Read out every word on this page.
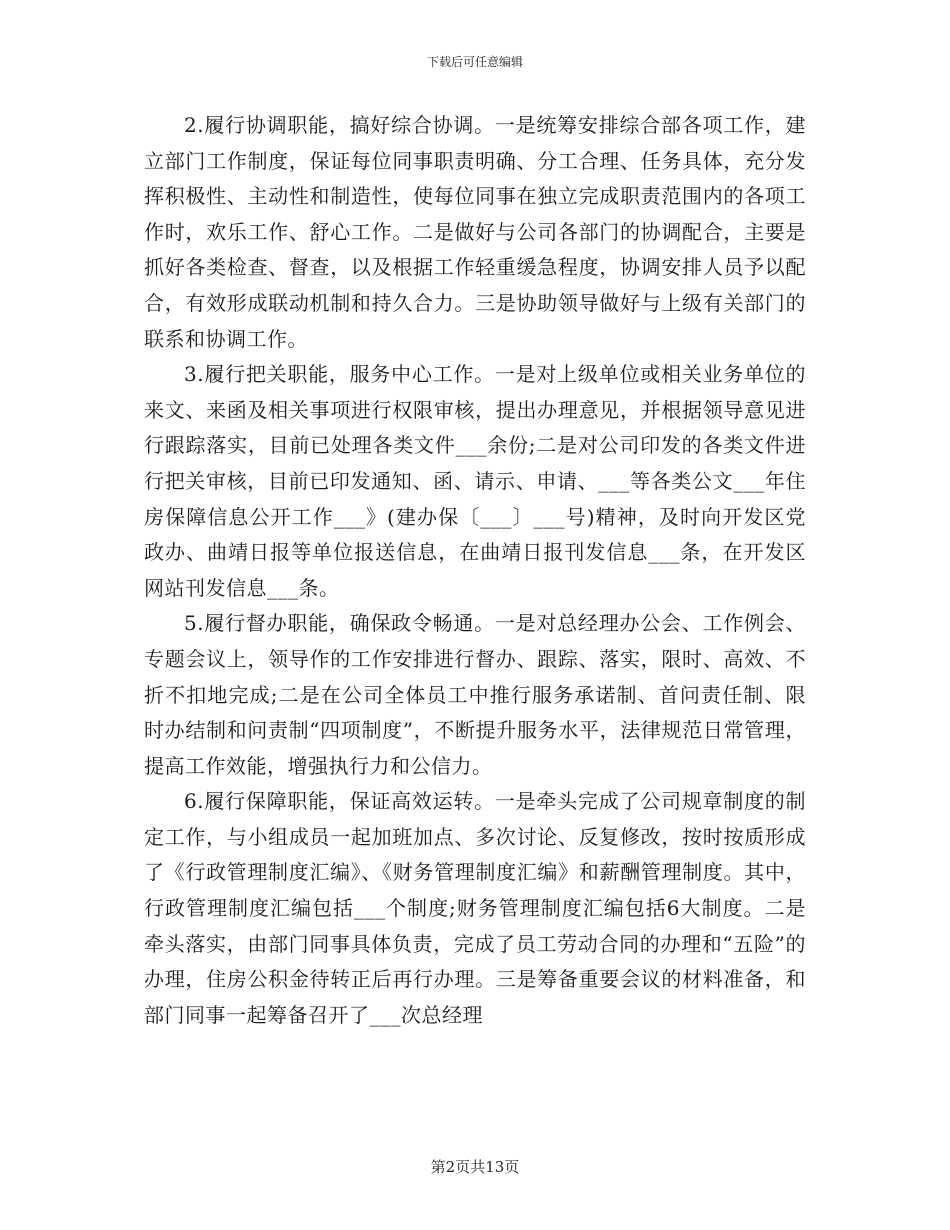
下载后可任意编辑

2.履行协调职能，搞好综合协调。一是统筹安排综合部各项工作，建立部门工作制度，保证每位同事职责明确、分工合理、任务具体，充分发挥积极性、主动性和制造性，使每位同事在独立完成职责范围内的各项工作时，欢乐工作、舒心工作。二是做好与公司各部门的协调配合，主要是抓好各类检查、督查，以及根据工作轻重缓急程度，协调安排人员予以配合，有效形成联动机制和持久合力。三是协助领导做好与上级有关部门的联系和协调工作。

3.履行把关职能，服务中心工作。一是对上级单位或相关业务单位的来文、来函及相关事项进行权限审核，提出办理意见，并根据领导意见进行跟踪落实，目前已处理各类文件___余份;二是对公司印发的各类文件进行把关审核，目前已印发通知、函、请示、申请、___等各类公文___年住房保障信息公开工作___》(建办保〔___〕___号)精神，及时向开发区党政办、曲靖日报等单位报送信息，在曲靖日报刊发信息___条，在开发区网站刊发信息___条。

5.履行督办职能，确保政令畅通。一是对总经理办公会、工作例会、专题会议上，领导作的工作安排进行督办、跟踪、落实，限时、高效、不折不扣地完成;二是在公司全体员工中推行服务承诺制、首问责任制、限时办结制和问责制“四项制度”，不断提升服务水平，法律规范日常管理，提高工作效能，增强执行力和公信力。

6.履行保障职能，保证高效运转。一是牵头完成了公司规章制度的制定工作，与小组成员一起加班加点、多次讨论、反复修改，按时按质形成了《行政管理制度汇编》、《财务管理制度汇编》和薪酬管理制度。其中，行政管理制度汇编包括___个制度;财务管理制度汇编包括6大制度。二是牵头落实，由部门同事具体负责，完成了员工劳动合同的办理和“五险”的办理，住房公积金待转正后再行办理。三是筹备重要会议的材料准备，和部门同事一起筹备召开了___次总经理

第2页共13页
